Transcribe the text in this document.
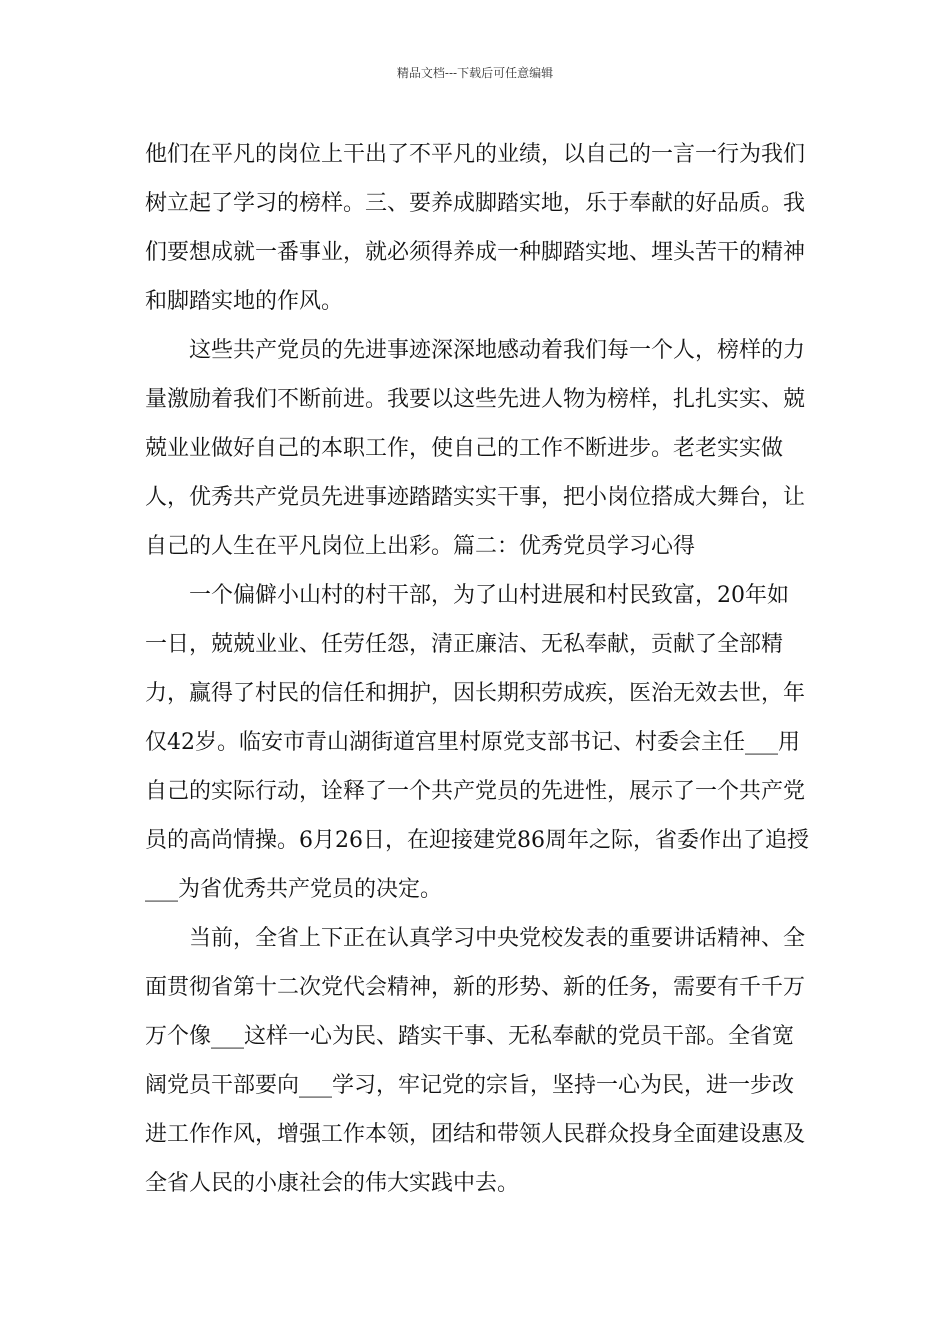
精品文档---下载后可任意编辑

他们在平凡的岗位上干出了不平凡的业绩，以自己的一言一行为我们树立起了学习的榜样。三、要养成脚踏实地，乐于奉献的好品质。我们要想成就一番事业，就必须得养成一种脚踏实地、埋头苦干的精神和脚踏实地的作风。

这些共产党员的先进事迹深深地感动着我们每一个人，榜样的力量激励着我们不断前进。我要以这些先进人物为榜样，扎扎实实、兢兢业业做好自己的本职工作，使自己的工作不断进步。老老实实做人，优秀共产党员先进事迹踏踏实实干事，把小岗位搭成大舞台，让自己的人生在平凡岗位上出彩。篇二：优秀党员学习心得

一个偏僻小山村的村干部，为了山村进展和村民致富，20年如一日，兢兢业业、任劳任怨，清正廉洁、无私奉献，贡献了全部精力，赢得了村民的信任和拥护，因长期积劳成疾，医治无效去世，年仅42岁。临安市青山湖街道宫里村原党支部书记、村委会主任___用自己的实际行动，诠释了一个共产党员的先进性，展示了一个共产党员的高尚情操。6月26日，在迎接建党86周年之际，省委作出了追授___为省优秀共产党员的决定。

当前，全省上下正在认真学习中央党校发表的重要讲话精神、全面贯彻省第十二次党代会精神，新的形势、新的任务，需要有千千万万个像___这样一心为民、踏实干事、无私奉献的党员干部。全省宽阔党员干部要向___学习，牢记党的宗旨，坚持一心为民，进一步改进工作作风，增强工作本领，团结和带领人民群众投身全面建设惠及全省人民的小康社会的伟大实践中去。
